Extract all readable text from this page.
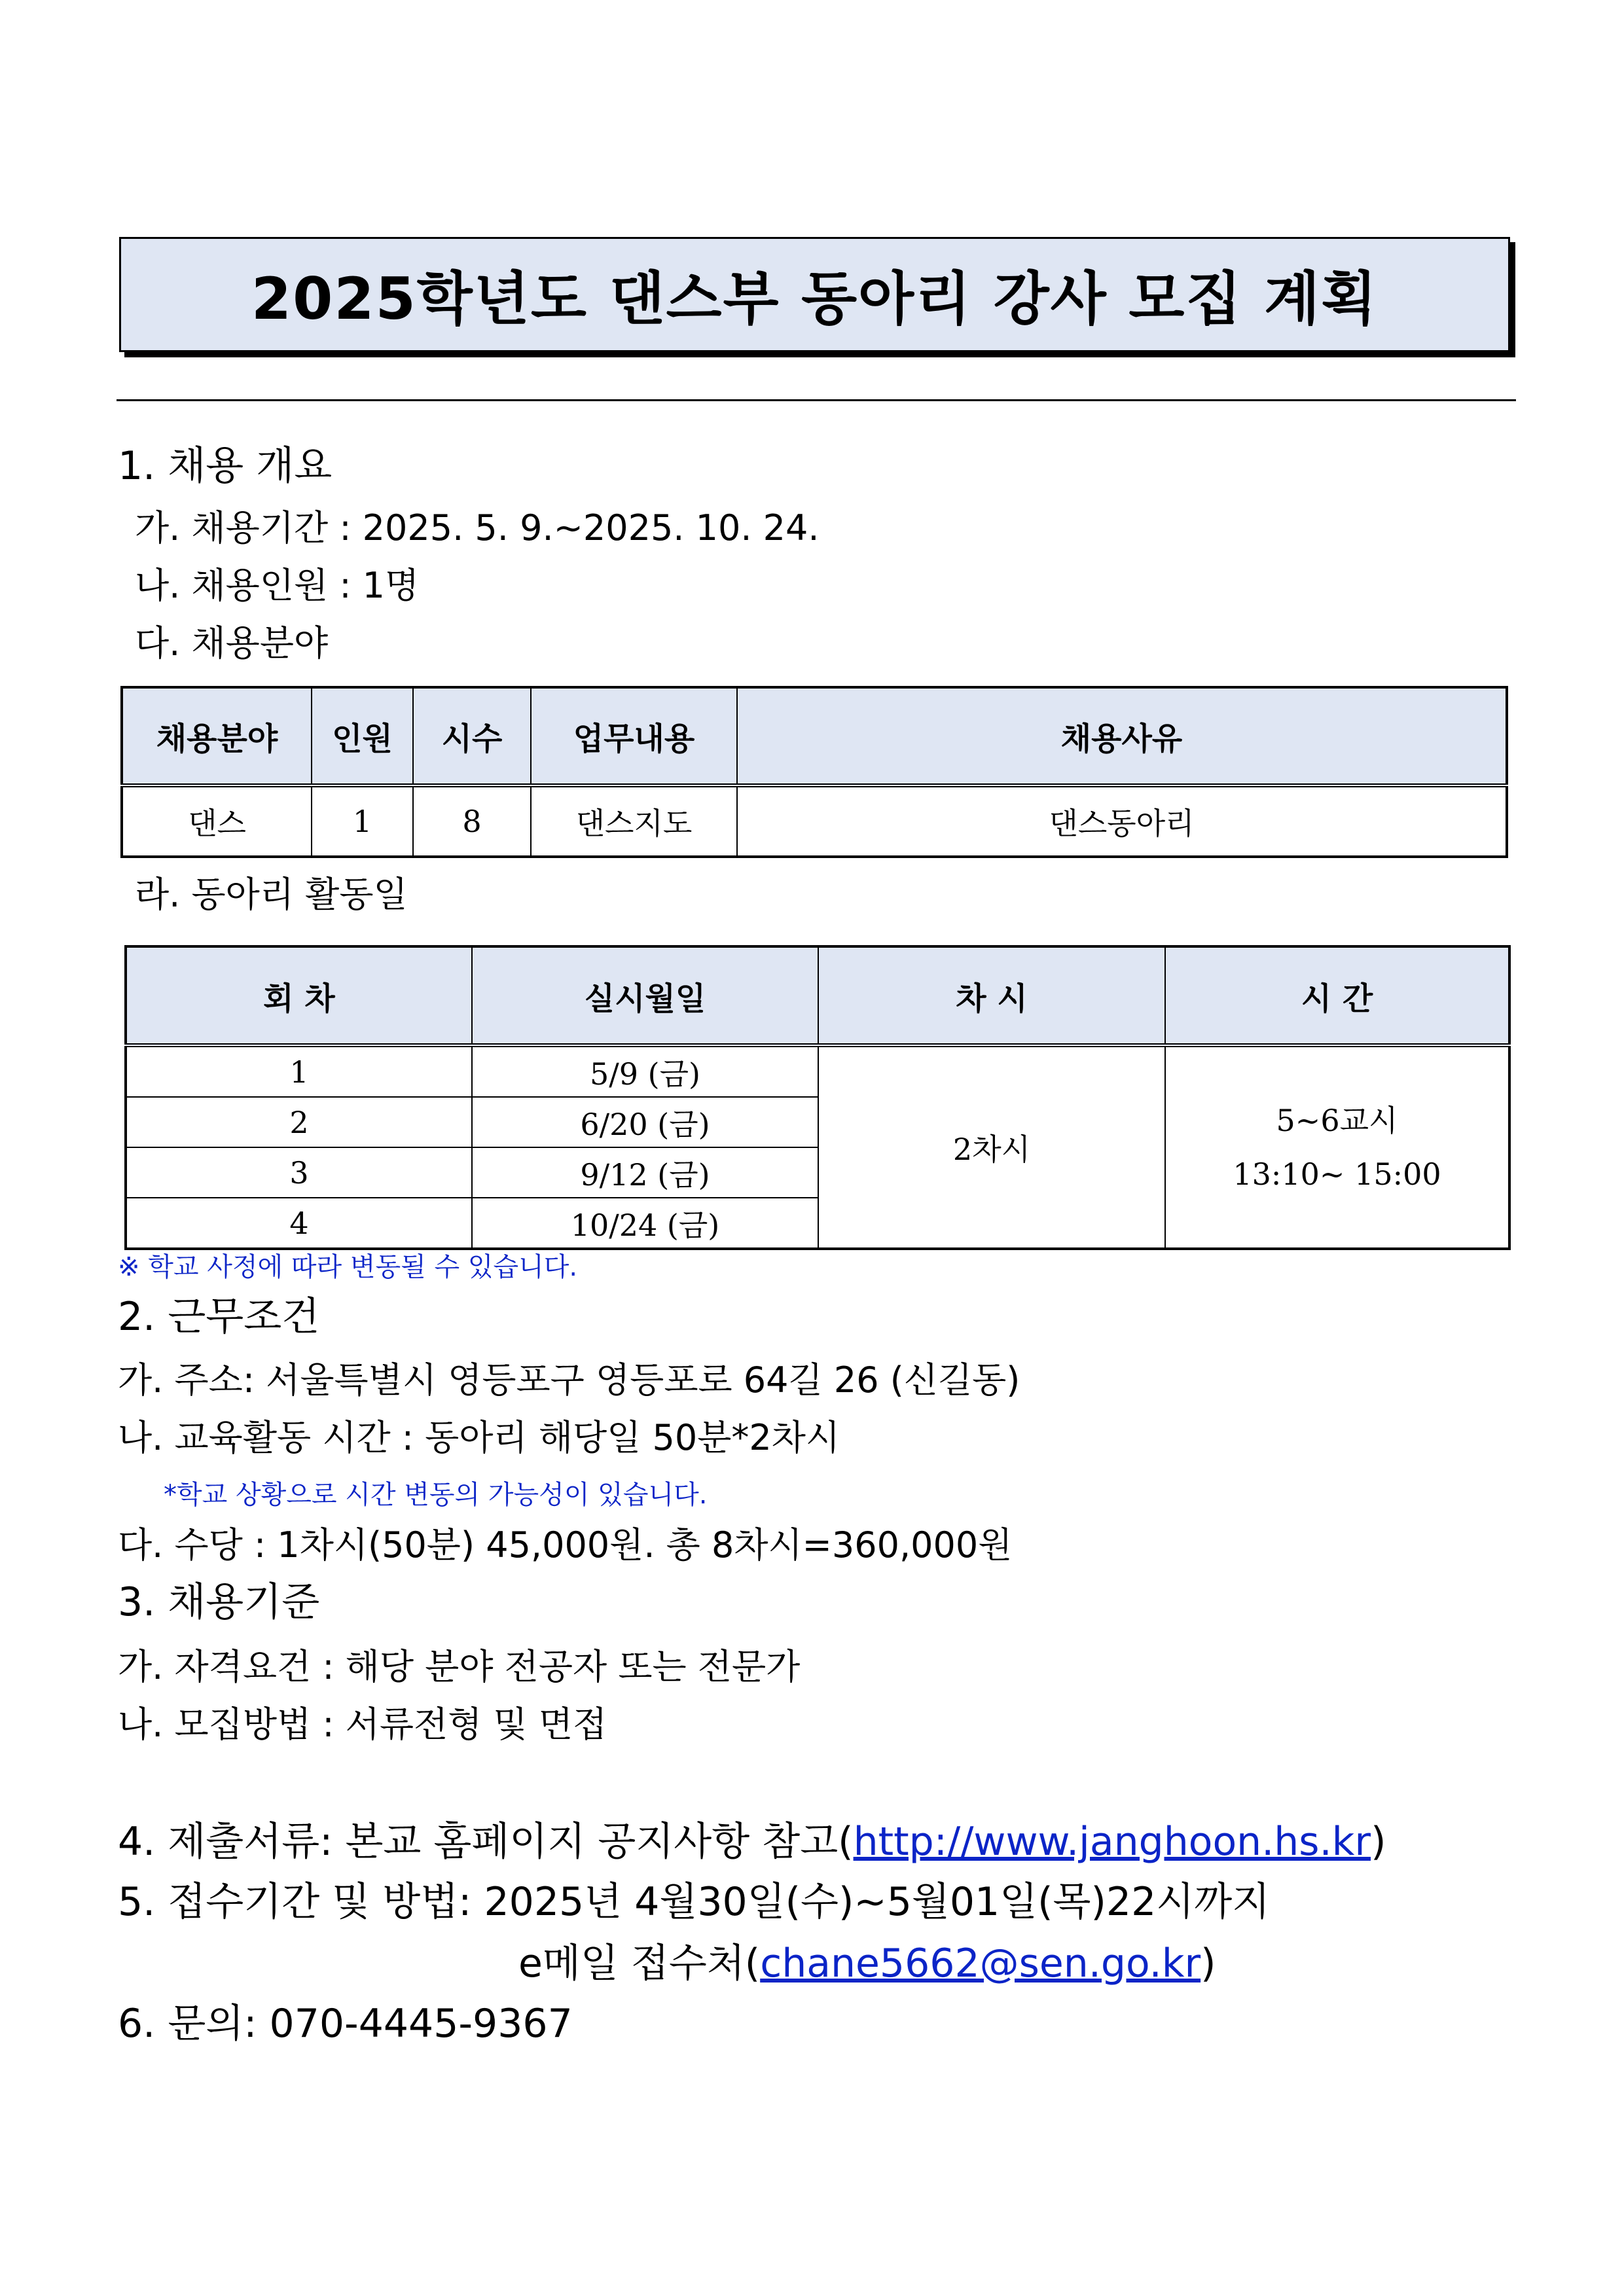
2025학년도 댄스부 동아리 강사 모집 계획
1. 채용 개요
가. 채용기간 : 2025. 5. 9.~2025. 10. 24.
나. 채용인원 : 1명
다. 채용분야
채용분야	인원	시수	업무내용	채용사유
댄스	1	8	댄스지도	댄스동아리
라. 동아리 활동일
회 차	실시월일	차 시	시 간
1	5/9 (금)	2차시	5~6교시
13:10~ 15:00

2	6/20 (금)		
3	9/12 (금)		
4	10/24 (금)		
※ 학교 사정에 따라 변동될 수 있습니다.
2. 근무조건
가. 주소: 서울특별시 영등포구 영등포로 64길 26 (신길동)
나. 교육활동 시간 : 동아리 해당일 50분*2차시
*학교 상황으로 시간 변동의 가능성이 있습니다.
다. 수당 : 1차시(50분) 45,000원. 총 8차시=360,000원
3. 채용기준
가. 자격요건 : 해당 분야 전공자 또는 전문가
나. 모집방법 : 서류전형 및 면접
4. 제출서류: 본교 홈페이지 공지사항 참고(http://www.janghoon.hs.kr)
5. 접수기간 및 방법: 2025년 4월30일(수)~5월01일(목)22시까지
e메일 접수처(chane5662@sen.go.kr)
6. 문의: 070-4445-9367
